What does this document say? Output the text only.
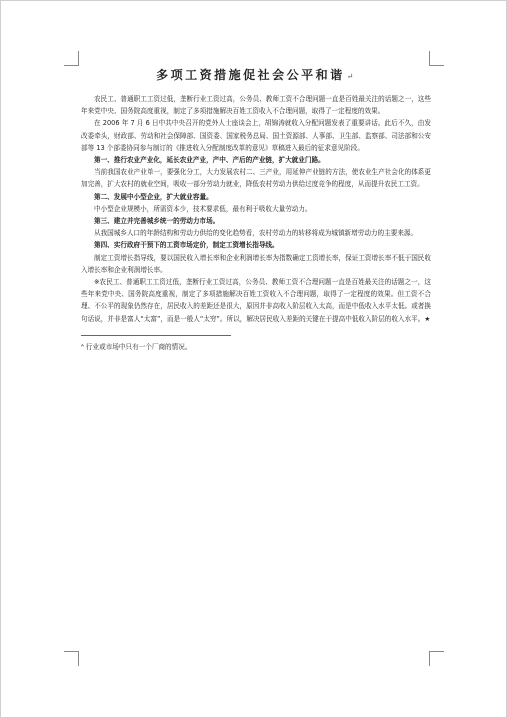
多项工资措施促社会公平和谐 ↵

农民工、普通职工工资过低，垄断行业工资过高，公务员、教师工资不合理问题一直是百姓最关注的话题之一，这些年来党中央、国务院高度重视，制定了多项措施解决百姓工资收入不合理问题，取得了一定程度的效果。

在 2006 年 7 月 6 日中共中央召开的党外人士座谈会上，胡锦涛就收入分配问题发表了重要讲话。此后不久，由发改委牵头，财政部、劳动和社会保障部、国资委、国家税务总局、国土资源部、人事部、卫生部、监察部、司法部和公安部等 13 个部委协同参与制订的《推进收入分配制度改革的意见》草稿进入最后的征求意见阶段。

第一、推行农业产业化，延长农业产业，产中、产后的产业链，扩大就业门路。

当前我国农业产业单一，要强化分工，大力发展农村二、三产业，用延伸产业链的方法，使农业生产社会化的体系更加完善，扩大农村的就业空间，吸收一部分劳动力就业，降低农村劳动力供给过度竞争的程度，从而提升农民工工资。

第二、发展中小型企业，扩大就业容量。

中小型企业规模小，所需资本少，技术要求低，最有利于吸收大量劳动力。

第三、建立并完善城乡统一的劳动力市场。

从我国城乡人口的年龄结构和劳动力供给的变化趋势看，农村劳动力的转移将成为城镇新增劳动力的主要来源。

第四、实行政府干预下的工资市场定价，制定工资增长指导线。

制定工资增长指导线，要以国民收入增长率和企业利润增长率为指数确定工资增长率，保证工资增长率不低于国民收入增长率和企业利润增长率。

※农民工、普通职工工资过低，垄断行业工资过高，公务员、教师工资不合理问题一直是百姓最关注的话题之一，这些年来党中央、国务院高度重视，制定了多项措施解决百姓工资收入不合理问题，取得了一定程度的效果。但工资不合理、不公平的现象仍然存在，居民收入的差距还是很大，原因并非高收入阶层收入太高，而是中低收入水平太低。或者换句话说，并非是富人“太富”，而是一般人“太穷”。所以，解决居民收入差距的关键在于提高中低收入阶层的收入水平。★

ᴬ 行业或市场中只有一个厂商的情况。
